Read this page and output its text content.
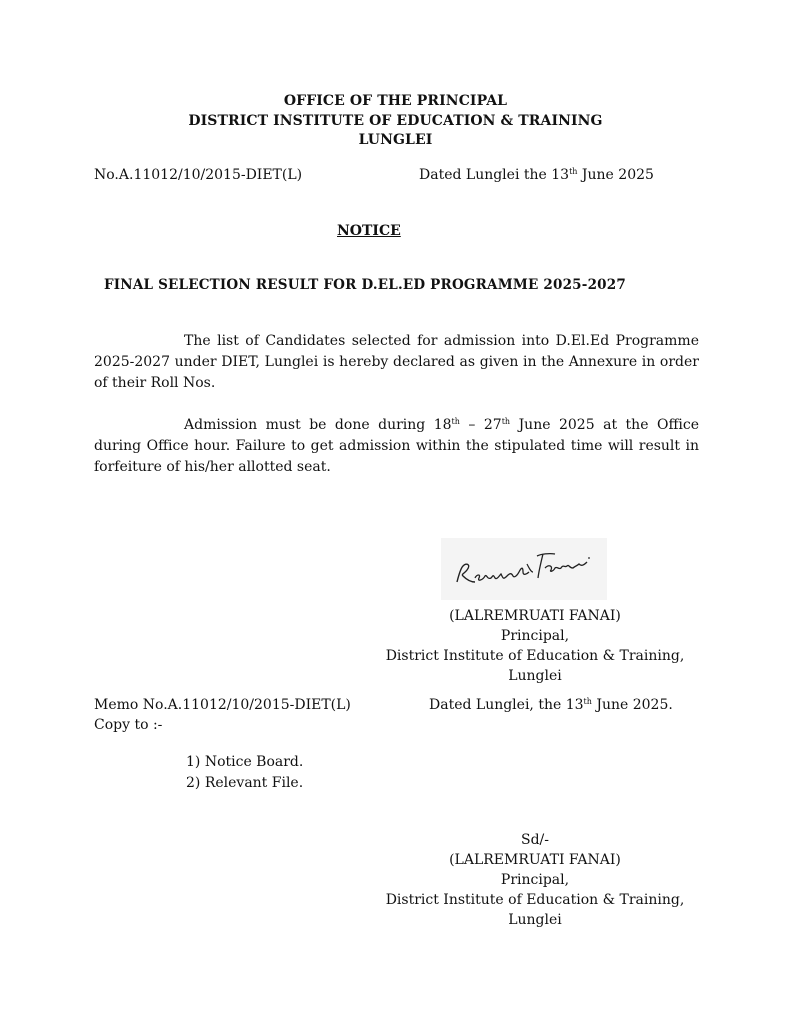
OFFICE OF THE PRINCIPAL
DISTRICT INSTITUTE OF EDUCATION & TRAINING
LUNGLEI
No.A.11012/10/2015-DIET(L)	Dated Lunglei the 13th June 2025
NOTICE
FINAL SELECTION RESULT FOR D.EL.ED PROGRAMME 2025-2027
The list of Candidates selected for admission into D.El.Ed Programme 2025-2027 under DIET, Lunglei is hereby declared as given in the Annexure in order of their Roll Nos.
Admission must be done during 18th – 27th June 2025 at the Office during Office hour. Failure to get admission within the stipulated time will result in forfeiture of his/her allotted seat.
(LALREMRUATI FANAI)
Principal,
District Institute of Education & Training,
Lunglei
Memo No.A.11012/10/2015-DIET(L)	Dated Lunglei, the 13th June 2025.
Copy to :-
1) Notice Board.
2) Relevant File.
Sd/-
(LALREMRUATI FANAI)
Principal,
District Institute of Education & Training,
Lunglei
